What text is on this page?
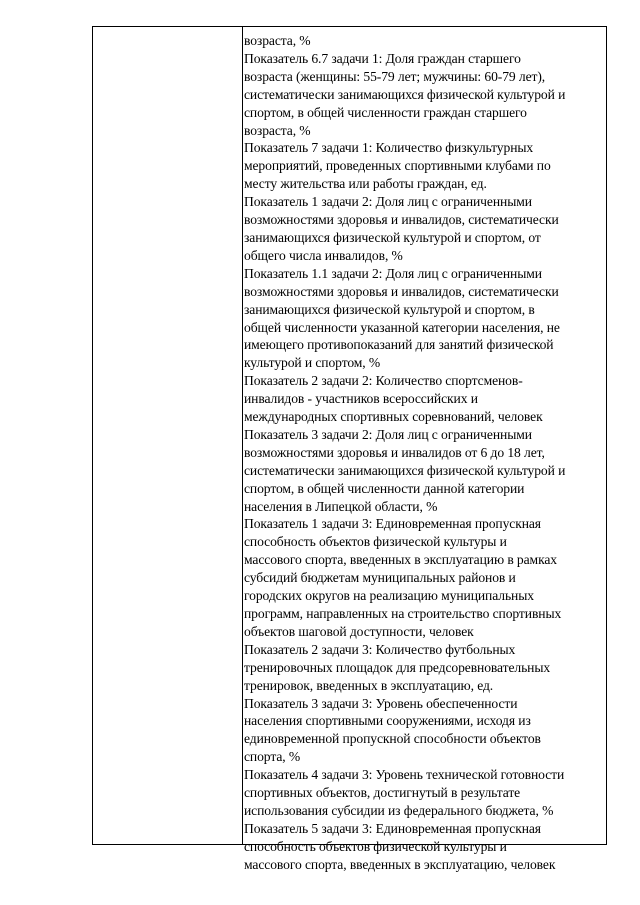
возраста, %
Показатель 6.7 задачи 1: Доля граждан старшего
возраста (женщины: 55-79 лет; мужчины: 60-79 лет),
систематически занимающихся физической культурой и
спортом, в общей численности граждан старшего
возраста, %
Показатель 7 задачи 1: Количество физкультурных
мероприятий, проведенных спортивными клубами по
месту жительства или работы граждан, ед.
Показатель 1 задачи 2: Доля лиц с ограниченными
возможностями здоровья и инвалидов, систематически
занимающихся физической культурой и спортом, от
общего числа инвалидов, %
Показатель 1.1 задачи 2: Доля лиц с ограниченными
возможностями здоровья и инвалидов, систематически
занимающихся физической культурой и спортом, в
общей численности указанной категории населения, не
имеющего противопоказаний для занятий физической
культурой и спортом, %
Показатель 2 задачи 2: Количество спортсменов-
инвалидов - участников всероссийских и
международных спортивных соревнований, человек
Показатель 3 задачи 2: Доля лиц с ограниченными
возможностями здоровья и инвалидов от 6 до 18 лет,
систематически занимающихся физической культурой и
спортом, в общей численности данной категории
населения в Липецкой области, %
Показатель 1 задачи 3: Единовременная пропускная
способность объектов физической культуры и
массового спорта, введенных в эксплуатацию в рамках
субсидий бюджетам муниципальных районов и
городских округов на реализацию муниципальных
программ, направленных на строительство спортивных
объектов шаговой доступности, человек
Показатель 2 задачи 3: Количество футбольных
тренировочных площадок для предсоревновательных
тренировок, введенных в эксплуатацию, ед.
Показатель 3 задачи 3: Уровень обеспеченности
населения спортивными сооружениями, исходя из
единовременной пропускной способности объектов
спорта, %
Показатель 4 задачи 3: Уровень технической готовности
спортивных объектов, достигнутый в результате
использования субсидии из федерального бюджета, %
Показатель 5 задачи 3: Единовременная пропускная
способность объектов физической культуры и
массового спорта, введенных в эксплуатацию, человек
